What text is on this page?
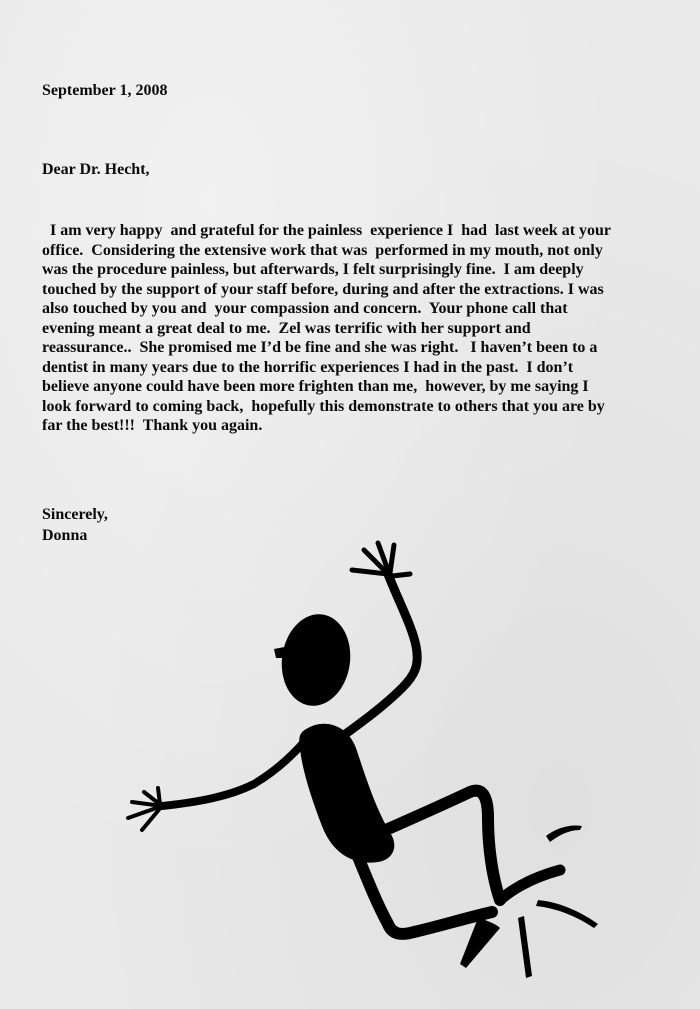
September 1, 2008

Dear Dr. Hecht,

I am very happy  and grateful for the painless  experience I  had  last week at your
office.  Considering the extensive work that was  performed in my mouth, not only
was the procedure painless, but afterwards, I felt surprisingly fine.  I am deeply
touched by the support of your staff before, during and after the extractions. I was
also touched by you and  your compassion and concern.  Your phone call that
evening meant a great deal to me.  Zel was terrific with her support and
reassurance..  She promised me I’d be fine and she was right.   I haven’t been to a
dentist in many years due to the horrific experiences I had in the past.  I don’t
believe anyone could have been more frighten than me,  however, by me saying I
look forward to coming back,  hopefully this demonstrate to others that you are by
far the best!!!  Thank you again.
Sincerely,
Donna
